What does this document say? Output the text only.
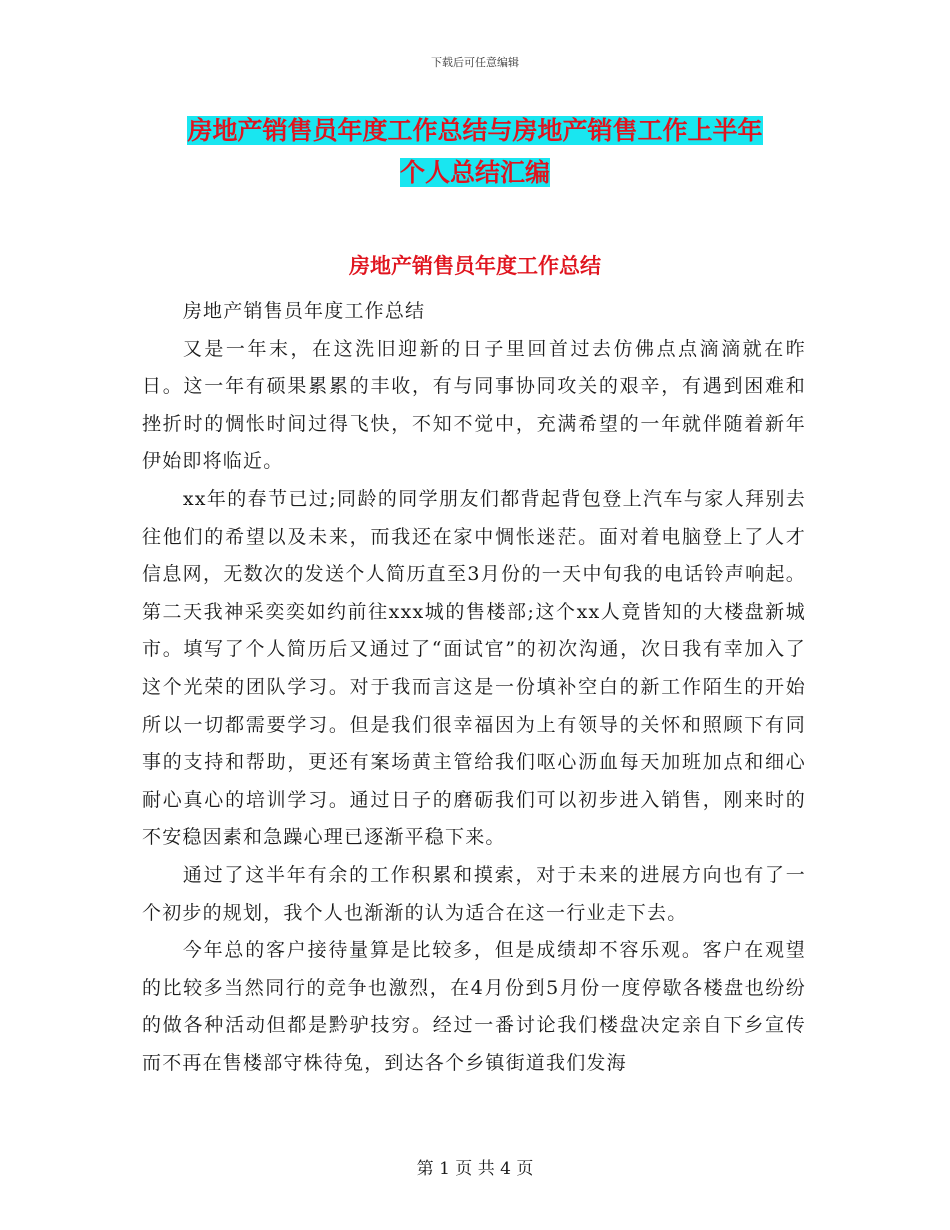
下载后可任意编辑
房地产销售员年度工作总结与房地产销售工作上半年
个人总结汇编
房地产销售员年度工作总结

房地产销售员年度工作总结

又是一年末，在这洗旧迎新的日子里回首过去仿佛点点滴滴就在昨日。这一年有硕果累累的丰收，有与同事协同攻关的艰辛，有遇到困难和挫折时的惆怅时间过得飞快，不知不觉中，充满希望的一年就伴随着新年伊始即将临近。

xx年的春节已过;同龄的同学朋友们都背起背包登上汽车与家人拜别去往他们的希望以及未来，而我还在家中惆怅迷茫。面对着电脑登上了人才信息网，无数次的发送个人简历直至3月份的一天中旬我的电话铃声响起。第二天我神采奕奕如约前往xxx城的售楼部;这个xx人竟皆知的大楼盘新城市。填写了个人简历后又通过了“面试官”的初次沟通，次日我有幸加入了这个光荣的团队学习。对于我而言这是一份填补空白的新工作陌生的开始所以一切都需要学习。但是我们很幸福因为上有领导的关怀和照顾下有同事的支持和帮助，更还有案场黄主管给我们呕心沥血每天加班加点和细心耐心真心的培训学习。通过日子的磨砺我们可以初步进入销售，刚来时的不安稳因素和急躁心理已逐渐平稳下来。

通过了这半年有余的工作积累和摸索，对于未来的进展方向也有了一个初步的规划，我个人也渐渐的认为适合在这一行业走下去。

今年总的客户接待量算是比较多，但是成绩却不容乐观。客户在观望的比较多当然同行的竞争也激烈，在4月份到5月份一度停歇各楼盘也纷纷的做各种活动但都是黔驴技穷。经过一番讨论我们楼盘决定亲自下乡宣传而不再在售楼部守株待兔，到达各个乡镇街道我们发海

第 1 页 共 4 页
